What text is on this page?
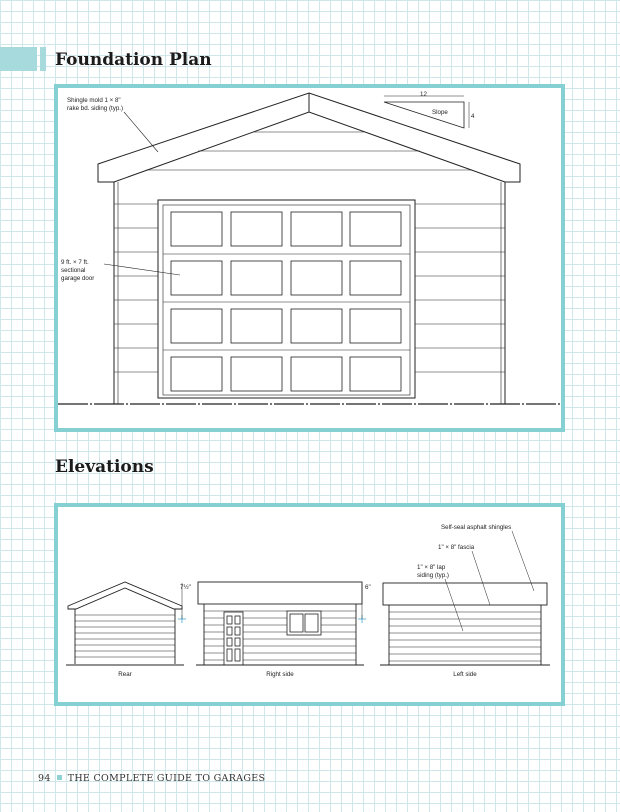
Foundation Plan
12
Slope
4
Shingle mold 1 × 8"
rake bd. siding (typ.)
9 ft. × 7 ft.
sectional
garage door
Elevations
7½"	6"
Self-seal asphalt shingles
1" × 8" fascia
1" × 8" lap
siding (typ.)
Rear	Right side	Left side
94 THE COMPLETE GUIDE TO GARAGES
